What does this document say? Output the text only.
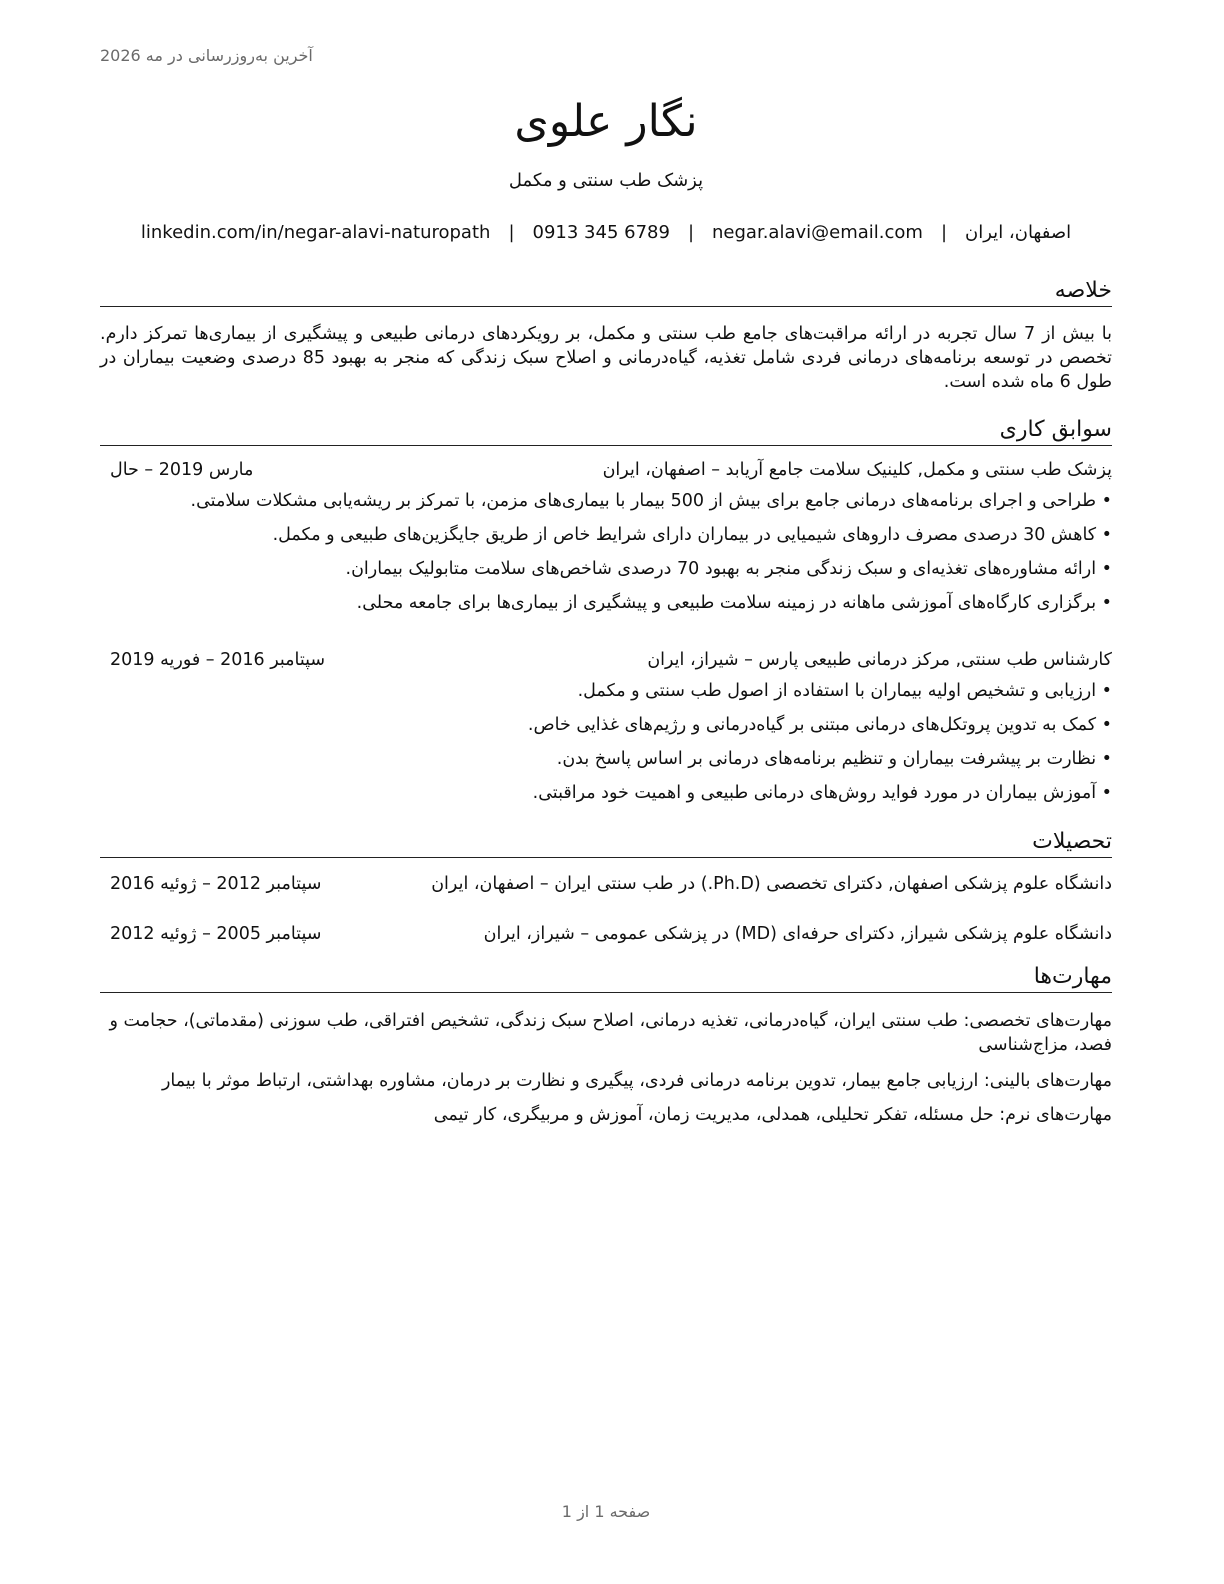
آخرین به‌روزرسانی در مه 2026
نگار علوی
پزشک طب سنتی و مکمل
اصفهان، ایران
|
negar.alavi@email.com
|
0913 345 6789
|
linkedin.com/in/negar-alavi-naturopath
خلاصه
با بیش از 7 سال تجربه در ارائه مراقبت‌های جامع طب سنتی و مکمل، بر رویکردهای درمانی طبیعی و پیشگیری از بیماری‌ها تمرکز دارم. تخصص در توسعه برنامه‌های درمانی فردی شامل تغذیه، گیاه‌درمانی و اصلاح سبک زندگی که منجر به بهبود 85 درصدی وضعیت بیماران در طول 6 ماه شده است.
سوابق کاری
پزشک طب سنتی و مکمل, کلینیک سلامت جامع آریابد – اصفهان، ایران
مارس 2019 – حال
• طراحی و اجرای برنامه‌های درمانی جامع برای بیش از 500 بیمار با بیماری‌های مزمن، با تمرکز بر ریشه‌یابی مشکلات سلامتی.
• کاهش 30 درصدی مصرف داروهای شیمیایی در بیماران دارای شرایط خاص از طریق جایگزین‌های طبیعی و مکمل.
• ارائه مشاوره‌های تغذیه‌ای و سبک زندگی منجر به بهبود 70 درصدی شاخص‌های سلامت متابولیک بیماران.
• برگزاری کارگاه‌های آموزشی ماهانه در زمینه سلامت طبیعی و پیشگیری از بیماری‌ها برای جامعه محلی.
کارشناس طب سنتی, مرکز درمانی طبیعی پارس – شیراز، ایران
سپتامبر 2016 – فوریه 2019
• ارزیابی و تشخیص اولیه بیماران با استفاده از اصول طب سنتی و مکمل.
• کمک به تدوین پروتکل‌های درمانی مبتنی بر گیاه‌درمانی و رژیم‌های غذایی خاص.
• نظارت بر پیشرفت بیماران و تنظیم برنامه‌های درمانی بر اساس پاسخ بدن.
• آموزش بیماران در مورد فواید روش‌های درمانی طبیعی و اهمیت خود مراقبتی.
تحصیلات
دانشگاه علوم پزشکی اصفهان, دکترای تخصصی (Ph.D.) در طب سنتی ایران – اصفهان، ایران
سپتامبر 2012 – ژوئیه 2016
دانشگاه علوم پزشکی شیراز, دکترای حرفه‌ای (MD) در پزشکی عمومی – شیراز، ایران
سپتامبر 2005 – ژوئیه 2012
مهارت‌ها
مهارت‌های تخصصی: طب سنتی ایران، گیاه‌درمانی، تغذیه درمانی، اصلاح سبک زندگی، تشخیص افتراقی، طب سوزنی (مقدماتی)، حجامت و فصد، مزاج‌شناسی
مهارت‌های بالینی: ارزیابی جامع بیمار، تدوین برنامه درمانی فردی، پیگیری و نظارت بر درمان، مشاوره بهداشتی، ارتباط موثر با بیمار
مهارت‌های نرم: حل مسئله، تفکر تحلیلی، همدلی، مدیریت زمان، آموزش و مربیگری، کار تیمی
صفحه 1 از 1
